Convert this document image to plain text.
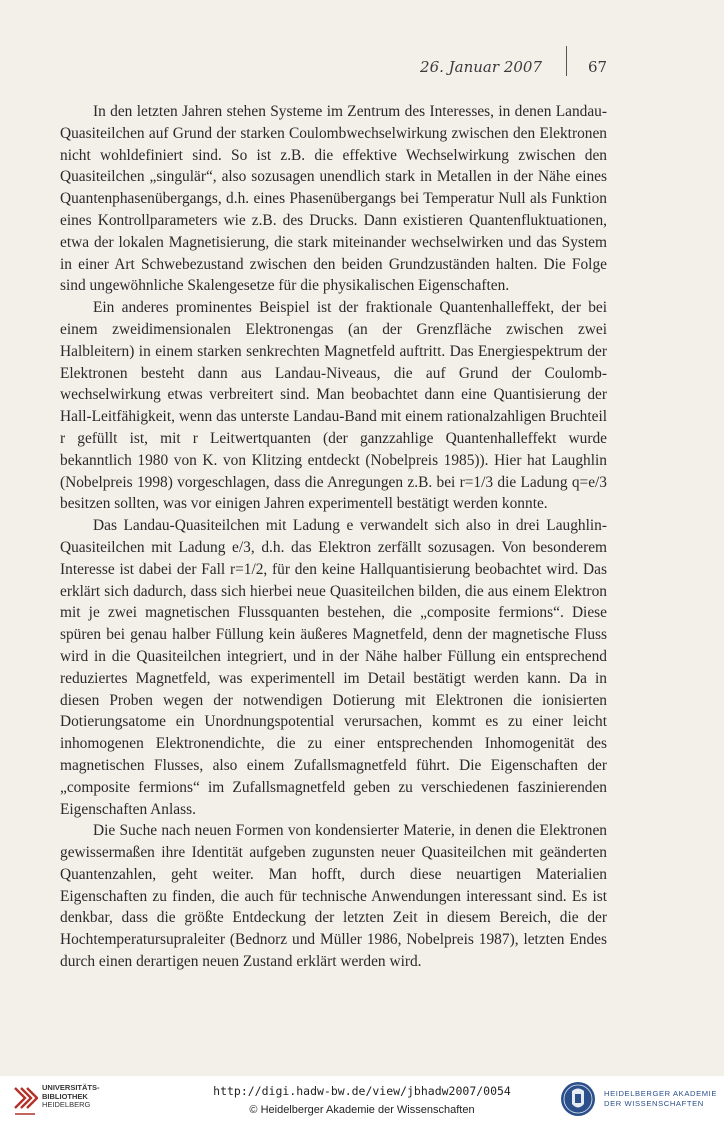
26. Januar 2007	67

In den letzten Jahren stehen Systeme im Zentrum des Interesses, in denen Landau-Quasiteilchen auf Grund der starken Coulombwechselwirkung zwischen den Elektronen nicht wohldefiniert sind. So ist z.B. die effektive Wechselwirkung zwischen den Quasiteilchen „singulär“, also sozusagen unendlich stark in Metallen in der Nähe eines Quantenphasenübergangs, d.h. eines Phasenübergangs bei Temperatur Null als Funktion eines Kontrollparameters wie z.B. des Drucks. Dann existieren Quantenfluktuationen, etwa der lokalen Magnetisierung, die stark miteinander wechselwirken und das System in einer Art Schwebezustand zwischen den beiden Grundzuständen halten. Die Folge sind ungewöhnliche Skalengesetze für die physikalischen Eigenschaften.

Ein anderes prominentes Beispiel ist der fraktionale Quantenhalleffekt, der bei einem zweidimensionalen Elektronengas (an der Grenzfläche zwischen zwei Halbleitern) in einem starken senkrechten Magnetfeld auftritt. Das Energiespektrum der Elektronen besteht dann aus Landau-Niveaus, die auf Grund der Coulombwechselwirkung etwas verbreitert sind. Man beobachtet dann eine Quantisierung der Hall-Leitfähigkeit, wenn das unterste Landau-Band mit einem rationalzahligen Bruchteil r gefüllt ist, mit r Leitwertquanten (der ganzzahlige Quantenhalleffekt wurde bekanntlich 1980 von K. von Klitzing entdeckt (Nobelpreis 1985)). Hier hat Laughlin (Nobelpreis 1998) vorgeschlagen, dass die Anregungen z.B. bei r=1/3 die Ladung q=e/3 besitzen sollten, was vor einigen Jahren experimentell bestätigt werden konnte.

Das Landau-Quasiteilchen mit Ladung e verwandelt sich also in drei Laughlin-Quasiteilchen mit Ladung e/3, d.h. das Elektron zerfällt sozusagen. Von besonderem Interesse ist dabei der Fall r=1/2, für den keine Hallquantisierung beobachtet wird. Das erklärt sich dadurch, dass sich hierbei neue Quasiteilchen bilden, die aus einem Elektron mit je zwei magnetischen Flussquanten bestehen, die „composite fermions“. Diese spüren bei genau halber Füllung kein äußeres Magnetfeld, denn der magnetische Fluss wird in die Quasiteilchen integriert, und in der Nähe halber Füllung ein entsprechend reduziertes Magnetfeld, was experimentell im Detail bestätigt werden kann. Da in diesen Proben wegen der notwendigen Dotierung mit Elektronen die ionisierten Dotierungsatome ein Unordnungspotential verursachen, kommt es zu einer leicht inhomogenen Elektronendichte, die zu einer entsprechenden Inhomogenität des magnetischen Flusses, also einem Zufallsmagnetfeld führt. Die Eigenschaften der „composite fermions“ im Zufallsmagnetfeld geben zu verschiedenen faszinierenden Eigenschaften Anlass.

Die Suche nach neuen Formen von kondensierter Materie, in denen die Elektronen gewissermaßen ihre Identität aufgeben zugunsten neuer Quasiteilchen mit geänderten Quantenzahlen, geht weiter. Man hofft, durch diese neuartigen Materialien Eigenschaften zu finden, die auch für technische Anwendungen interessant sind. Es ist denkbar, dass die größte Entdeckung der letzten Zeit in diesem Bereich, die der Hochtemperatursupraleiter (Bednorz und Müller 1986, Nobelpreis 1987), letzten Endes durch einen derartigen neuen Zustand erklärt werden wird.

UNIVERSITÄTS-
BIBLIOTHEK
HEIDELBERG
http://digi.hadw-bw.de/view/jbhadw2007/0054
© Heidelberger Akademie der Wissenschaften
HEIDELBERGER AKADEMIE
DER WISSENSCHAFTEN
